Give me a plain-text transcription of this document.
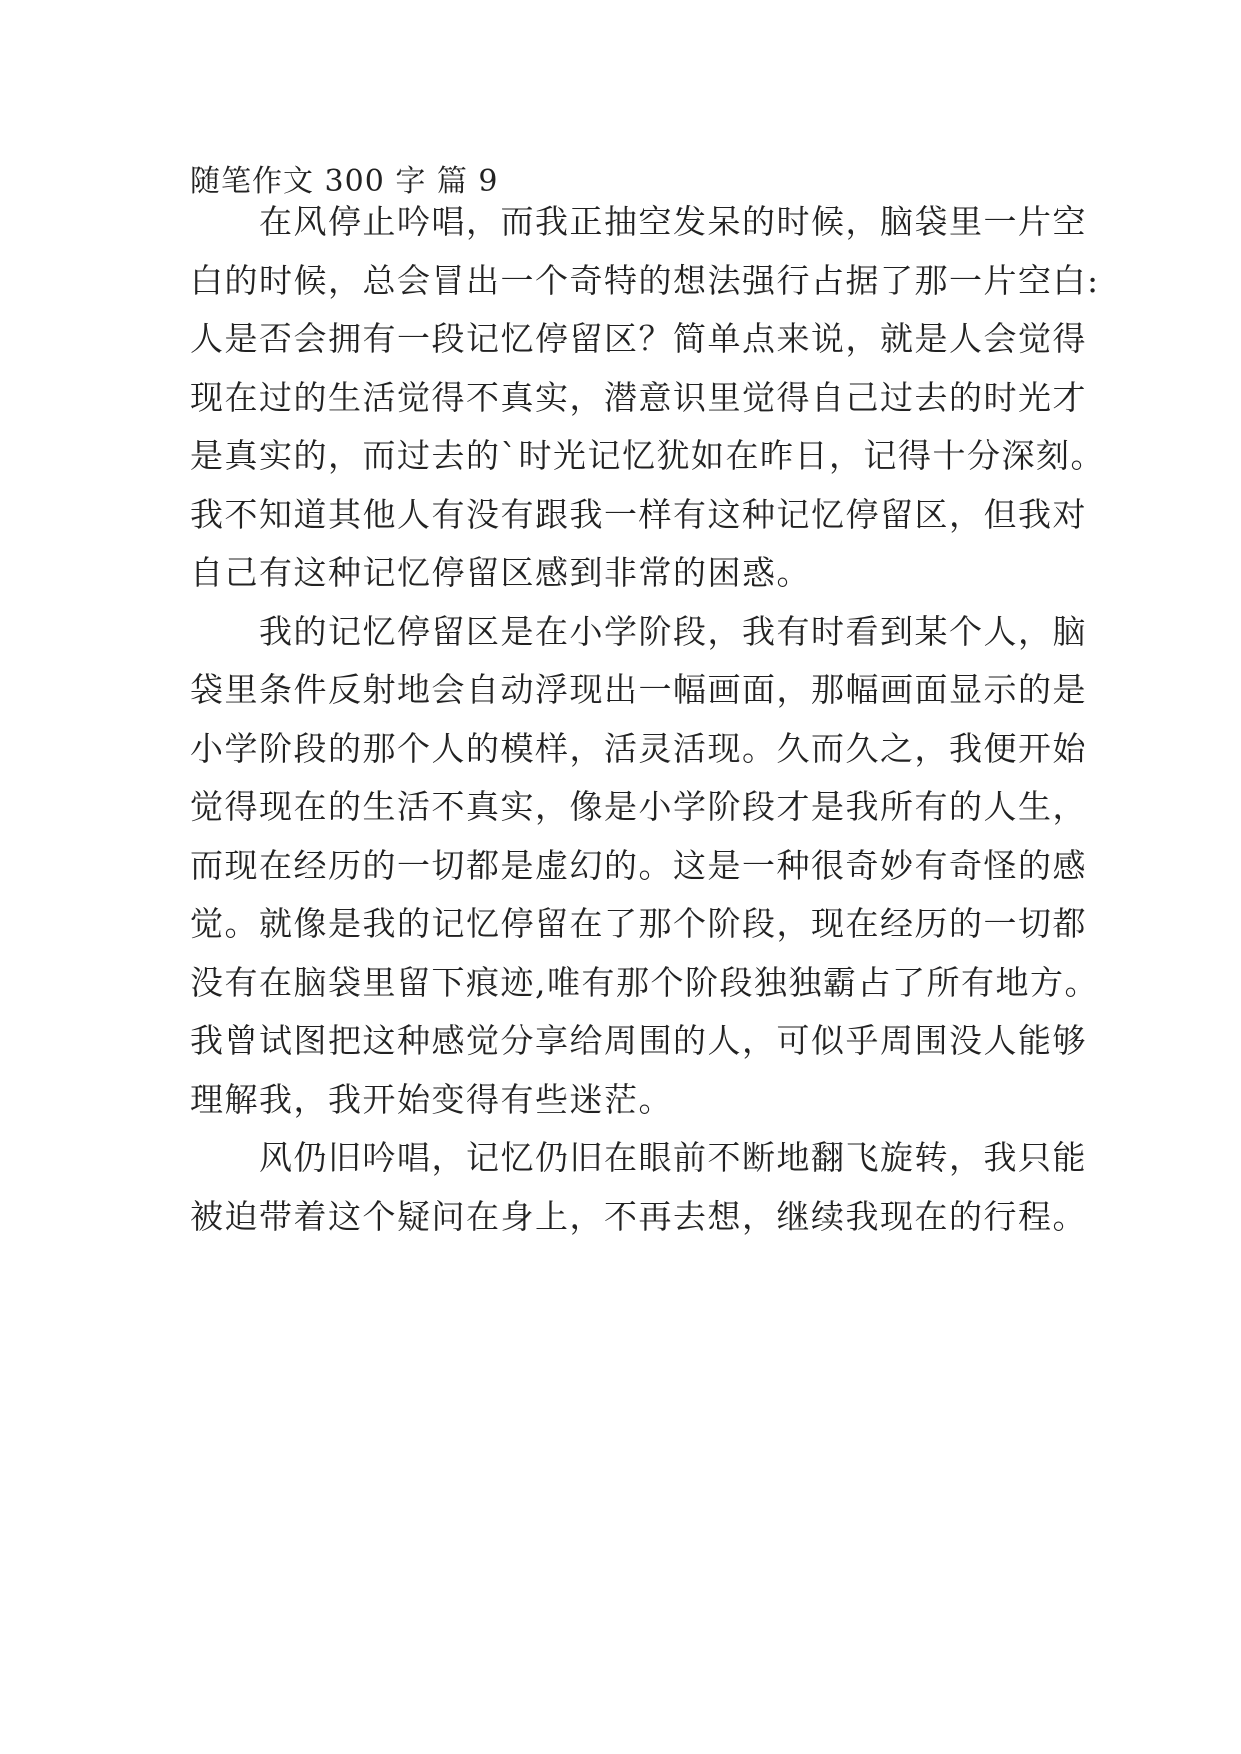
随笔作文 300 字 篇 9
　　在风停止吟唱，而我正抽空发呆的时候，脑袋里一片空
白的时候，总会冒出一个奇特的想法强行占据了那一片空白:
人是否会拥有一段记忆停留区？简单点来说，就是人会觉得
现在过的生活觉得不真实，潜意识里觉得自己过去的时光才
是真实的，而过去的`时光记忆犹如在昨日，记得十分深刻。
我不知道其他人有没有跟我一样有这种记忆停留区，但我对
自己有这种记忆停留区感到非常的困惑。
　　我的记忆停留区是在小学阶段，我有时看到某个人，脑
袋里条件反射地会自动浮现出一幅画面，那幅画面显示的是
小学阶段的那个人的模样，活灵活现。久而久之，我便开始
觉得现在的生活不真实，像是小学阶段才是我所有的人生，
而现在经历的一切都是虚幻的。这是一种很奇妙有奇怪的感
觉。就像是我的记忆停留在了那个阶段，现在经历的一切都
没有在脑袋里留下痕迹,唯有那个阶段独独霸占了所有地方。
我曾试图把这种感觉分享给周围的人，可似乎周围没人能够
理解我，我开始变得有些迷茫。
　　风仍旧吟唱，记忆仍旧在眼前不断地翻飞旋转，我只能
被迫带着这个疑问在身上，不再去想，继续我现在的行程。
